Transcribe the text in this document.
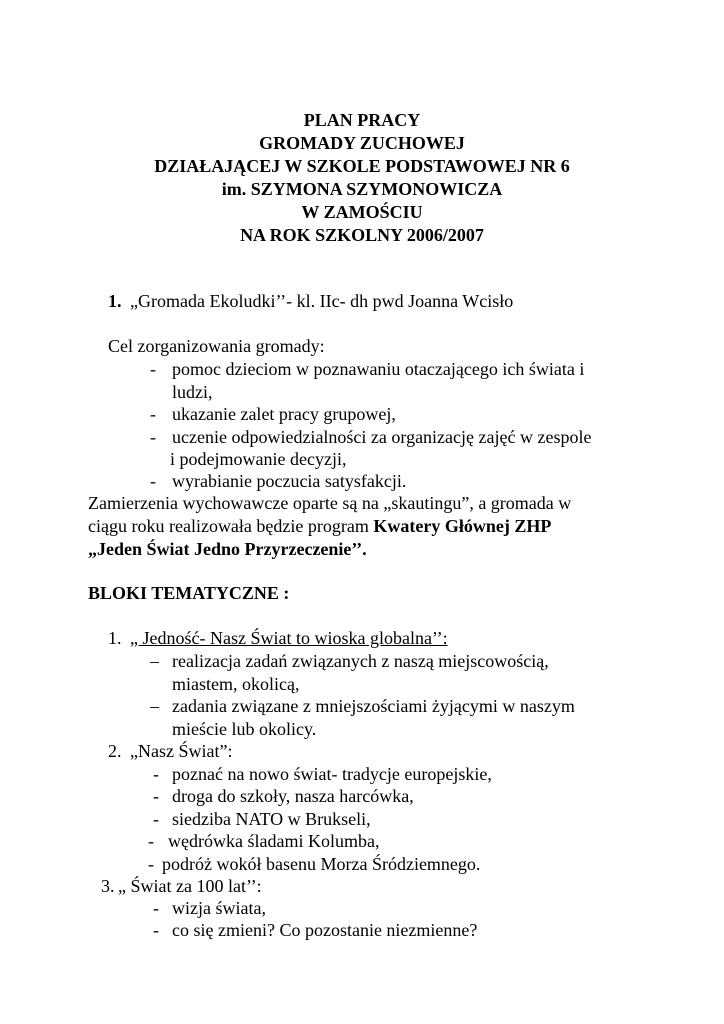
PLAN PRACY
GROMADY ZUCHOWEJ
DZIAŁAJĄCEJ W SZKOLE PODSTAWOWEJ NR 6
im. SZYMONA SZYMONOWICZA
W ZAMOŚCIU
NA ROK SZKOLNY 2006/2007
1. „Gromada Ekoludki’’- kl. IIc- dh pwd Joanna Wcisło
Cel zorganizowania gromady:
- pomoc dzieciom w poznawaniu otaczającego ich świata i
ludzi,
- ukazanie zalet pracy grupowej,
- uczenie odpowiedzialności za organizację zajęć w zespole
i podejmowanie decyzji,
- wyrabianie poczucia satysfakcji.
Zamierzenia wychowawcze oparte są na „skautingu”, a gromada w
ciągu roku realizowała będzie program Kwatery Głównej ZHP
„Jeden Świat Jedno Przyrzeczenie’’.
BLOKI TEMATYCZNE :
1. „ Jedność- Nasz Świat to wioska globalna’’:
– realizacja zadań związanych z naszą miejscowością,
miastem, okolicą,
– zadania związane z mniejszościami żyjącymi w naszym
mieście lub okolicy.
2. „Nasz Świat”:
- poznać na nowo świat- tradycje europejskie,
- droga do szkoły, nasza harcówka,
- siedziba NATO w Brukseli,
- wędrówka śladami Kolumba,
- podróż wokół basenu Morza Śródziemnego.
3. „ Świat za 100 lat’’:
- wizja świata,
- co się zmieni? Co pozostanie niezmienne?
